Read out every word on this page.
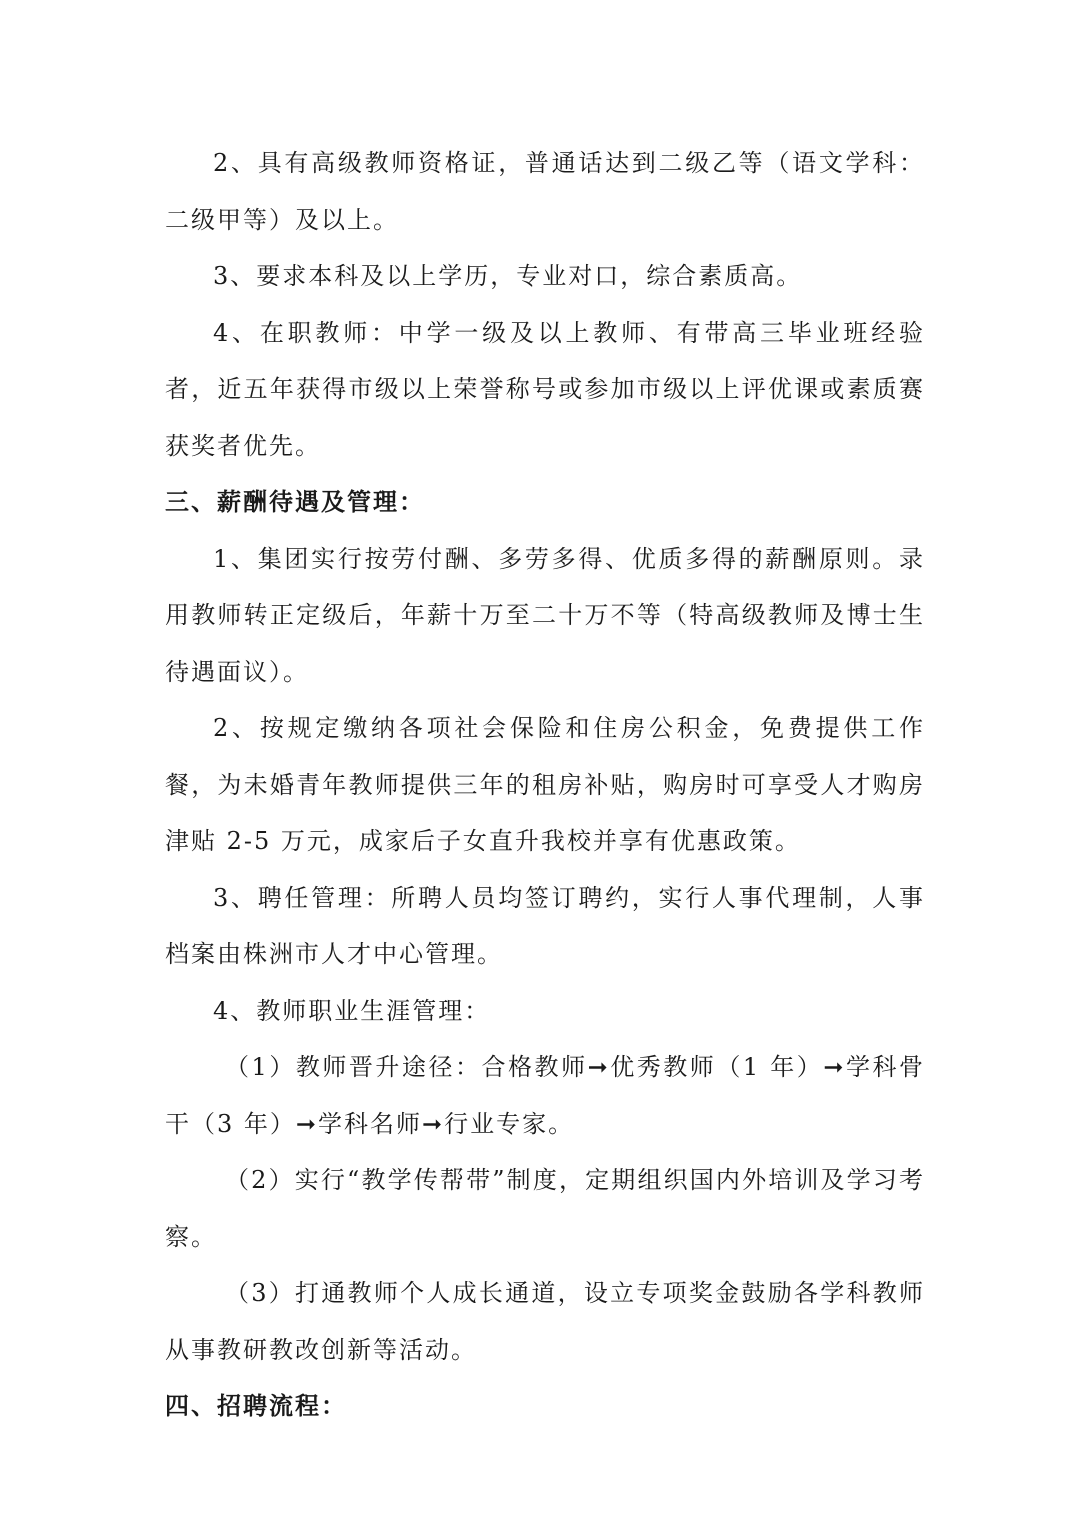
2、具有高级教师资格证，普通话达到二级乙等（语文学科：二级甲等）及以上。

3、要求本科及以上学历，专业对口，综合素质高。

4、在职教师：中学一级及以上教师、有带高三毕业班经验者，近五年获得市级以上荣誉称号或参加市级以上评优课或素质赛获奖者优先。

三、薪酬待遇及管理：

1、集团实行按劳付酬、多劳多得、优质多得的薪酬原则。录用教师转正定级后，年薪十万至二十万不等（特高级教师及博士生待遇面议）。

2、按规定缴纳各项社会保险和住房公积金，免费提供工作餐，为未婚青年教师提供三年的租房补贴，购房时可享受人才购房津贴 2-5 万元，成家后子女直升我校并享有优惠政策。

3、聘任管理：所聘人员均签订聘约，实行人事代理制，人事档案由株洲市人才中心管理。

4、教师职业生涯管理：

（1）教师晋升途径：合格教师➞优秀教师（1 年）➞学科骨干（3 年）➞学科名师➞行业专家。

（2）实行“教学传帮带”制度，定期组织国内外培训及学习考察。

（3）打通教师个人成长通道，设立专项奖金鼓励各学科教师从事教研教改创新等活动。

四、招聘流程：
